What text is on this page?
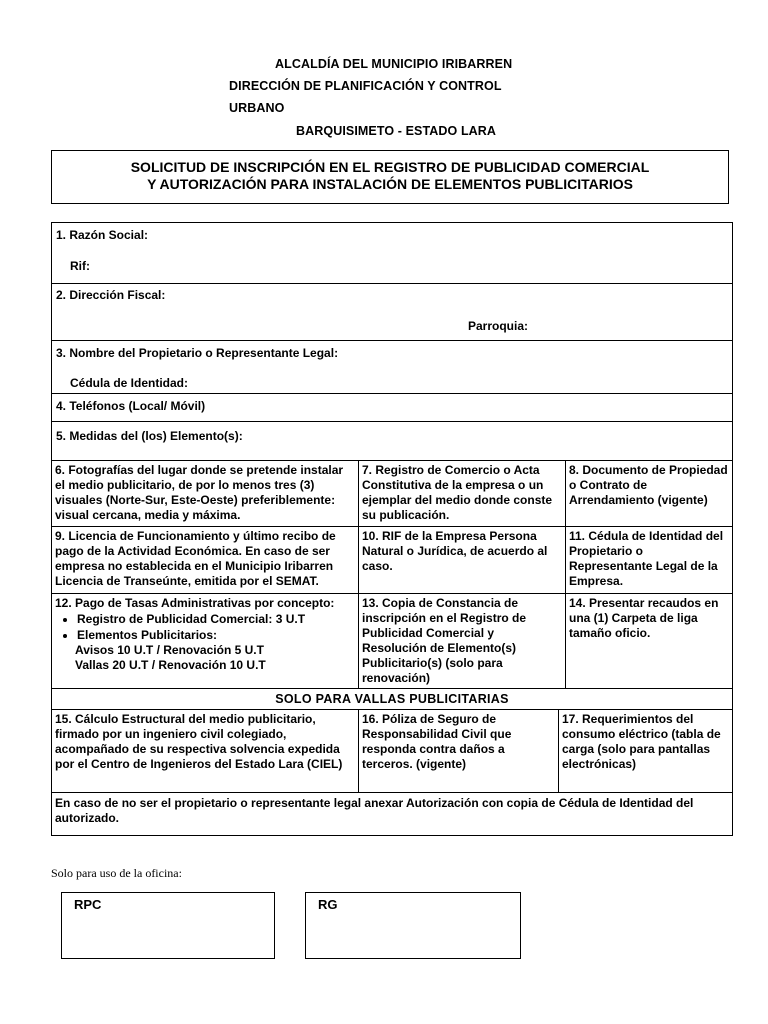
ALCALDÍA DEL MUNICIPIO IRIBARREN
DIRECCIÓN DE PLANIFICACIÓN Y CONTROL
URBANO
BARQUISIMETO - ESTADO LARA
SOLICITUD DE INSCRIPCIÓN EN EL REGISTRO DE PUBLICIDAD COMERCIAL
Y AUTORIZACIÓN PARA INSTALACIÓN DE ELEMENTOS PUBLICITARIOS
1. Razón Social:
Rif:
2. Dirección Fiscal:
Parroquia:
3. Nombre del Propietario o Representante Legal:
Cédula de Identidad:
4. Teléfonos (Local/ Móvil)
5. Medidas del (los) Elemento(s):
6. Fotografías del lugar donde se pretende instalar el medio publicitario, de por lo menos tres (3) visuales (Norte-Sur, Este-Oeste) preferiblemente: visual cercana, media y máxima.
7. Registro de Comercio o Acta Constitutiva de la empresa o un ejemplar del medio donde conste su publicación.
8. Documento de Propiedad o Contrato de Arrendamiento (vigente)
9. Licencia de Funcionamiento y último recibo de pago de la Actividad Económica. En caso de ser empresa no establecida en el Municipio Iribarren Licencia de Transeúnte, emitida por el SEMAT.
10. RIF de la Empresa Persona Natural o Jurídica, de acuerdo al caso.
11. Cédula de Identidad del Propietario o Representante Legal de la Empresa.
12. Pago de Tasas Administrativas por concepto:
• Registro de Publicidad Comercial: 3 U.T
• Elementos Publicitarios:
Avisos 10 U.T / Renovación 5 U.T
Vallas 20 U.T / Renovación 10 U.T
13. Copia de Constancia de inscripción en el Registro de Publicidad Comercial y Resolución de Elemento(s) Publicitario(s) (solo para renovación)
14. Presentar recaudos en una (1) Carpeta de liga tamaño oficio.
SOLO PARA VALLAS PUBLICITARIAS
15. Cálculo Estructural del medio publicitario, firmado por un ingeniero civil colegiado, acompañado de su respectiva solvencia expedida por el Centro de Ingenieros del Estado Lara (CIEL)
16. Póliza de Seguro de Responsabilidad Civil que responda contra daños a terceros. (vigente)
17. Requerimientos del consumo eléctrico (tabla de carga (solo para pantallas electrónicas)
En caso de no ser el propietario o representante legal anexar Autorización con copia de Cédula de Identidad del autorizado.
Solo para uso de la oficina:
RPC	RG
